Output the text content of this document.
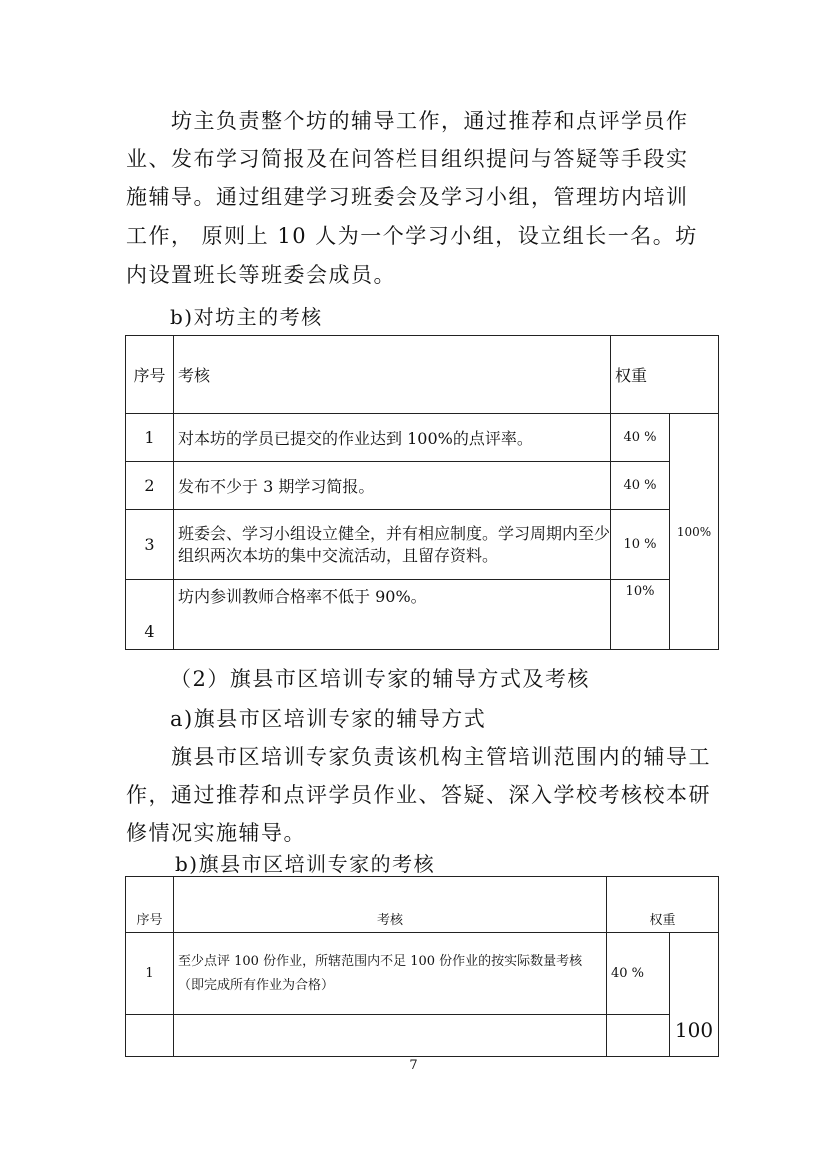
　　坊主负责整个坊的辅导工作，通过推荐和点评学员作
业、发布学习简报及在问答栏目组织提问与答疑等手段实
施辅导。通过组建学习班委会及学习小组，管理坊内培训
工作， 原则上 10 人为一个学习小组，设立组长一名。坊
内设置班长等班委会成员。
b)对坊主的考核
序号	考核	权重	
1	对本坊的学员已提交的作业达到 100%的点评率。	40 %	100%
2	发布不少于 3 期学习简报。	40 %	
3	班委会、学习小组设立健全，并有相应制度。学习周期内至少组织两次本坊的集中交流活动，且留存资料。	10 %	
4	坊内参训教师合格率不低于 90%。	10%	
（2）旗县市区培训专家的辅导方式及考核
a)旗县市区培训专家的辅导方式
　　旗县市区培训专家负责该机构主管培训范围内的辅导工
作，通过推荐和点评学员作业、答疑、深入学校考核校本研
修情况实施辅导。
b)旗县市区培训专家的考核
序号	考核	权重	
1	至少点评 100 份作业，所辖范围内不足 100 份作业的按实际数量考核（即完成所有作业为合格）	40 %	100

7
